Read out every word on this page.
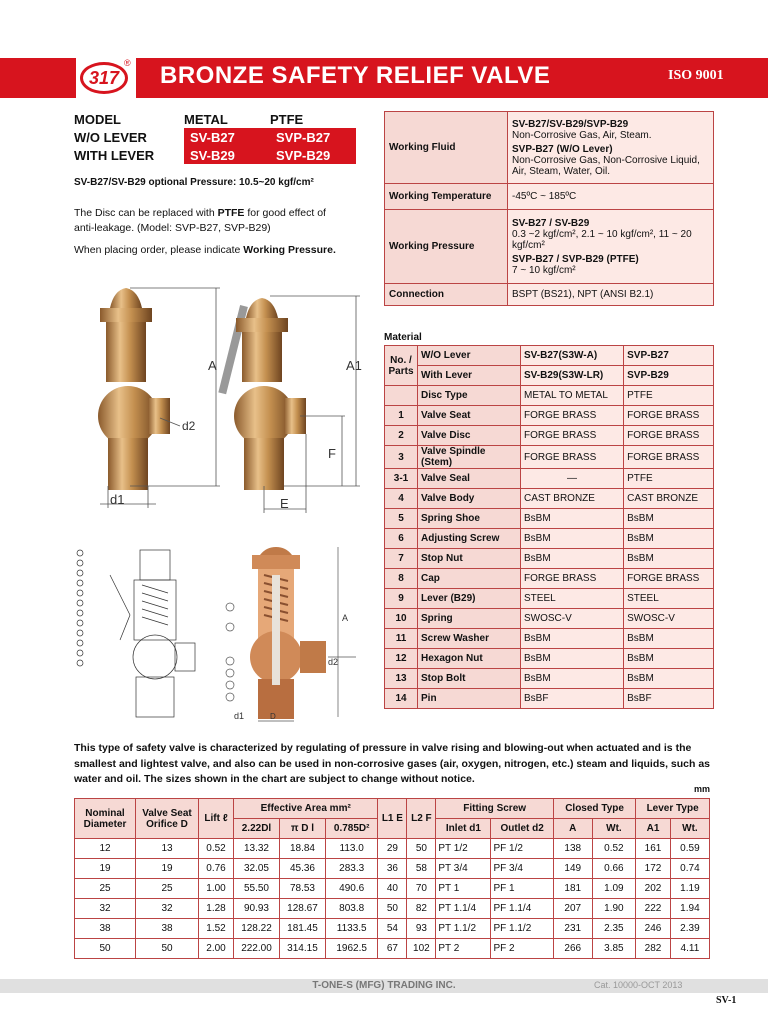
317
® BRONZE SAFETY RELIEF VALVE	ISO 9001
MODEL	METAL	PTFE
W/O LEVER	SV-B27	SVP-B27
WITH LEVER	SV-B29	SVP-B29
SV-B27/SV-B29 optional Pressure: 10.5~20 kgf/cm²
The Disc can be replaced with PTFE for good effect of
anti-leakage. (Model: SVP-B27, SVP-B29)
When placing order, please indicate Working Pressure.
A	A1
d2
F
d1	E
A
d2
d1	D
Working Fluid	SV-B27/SV-B29/SVP-B29
Non-Corrosive Gas, Air, Steam.
SVP-B27 (W/O Lever)
Non-Corrosive Gas, Non-Corrosive Liquid, Air, Steam, Water, Oil.
Working Temperature	-45ºC ~ 185ºC
Working Pressure	SV-B27 / SV-B29
0.3 ~2 kgf/cm², 2.1 ~ 10 kgf/cm², 11 ~ 20 kgf/cm²
SVP-B27 / SVP-B29 (PTFE)
7 ~ 10 kgf/cm²
Connection	BSPT (BS21), NPT (ANSI B2.1)
Material
No. / Parts	W/O Lever	SV-B27(S3W-A)	SVP-B27
	With Lever	SV-B29(S3W-LR)	SVP-B29
	Disc Type	METAL TO METAL	PTFE
1	Valve Seat	FORGE BRASS	FORGE BRASS
2	Valve Disc	FORGE BRASS	FORGE BRASS
3	Valve Spindle (Stem)	FORGE BRASS	FORGE BRASS
3-1	Valve Seal	—	PTFE
4	Valve Body	CAST BRONZE	CAST BRONZE
5	Spring Shoe	BsBM	BsBM
6	Adjusting Screw	BsBM	BsBM
7	Stop Nut	BsBM	BsBM
8	Cap	FORGE BRASS	FORGE BRASS
9	Lever (B29)	STEEL	STEEL
10	Spring	SWOSC-V	SWOSC-V
11	Screw Washer	BsBM	BsBM
12	Hexagon Nut	BsBM	BsBM
13	Stop Bolt	BsBM	BsBM
14	Pin	BsBF	BsBF
This type of safety valve is characterized by regulating of pressure in valve rising and blowing-out when actuated and is the smallest and lightest valve, and also can be used in non-corrosive gases (air, oxygen, nitrogen, etc.) steam and liquids, such as water and oil. The sizes shown in the chart are subject to change without notice.
mm
Nominal Diameter	Valve Seat Orifice D	Lift ℓ	Effective Area mm²			L1 E	L2 F	Fitting Screw		Closed Type		Lever Type	
			2.22Dl	π D l	0.785D²			Inlet d1	Outlet d2	A	Wt.	A1	Wt.
12	13	0.52	13.32	18.84	113.0	29	50	PT 1/2	PF 1/2	138	0.52	161	0.59
19	19	0.76	32.05	45.36	283.3	36	58	PT 3/4	PF 3/4	149	0.66	172	0.74
25	25	1.00	55.50	78.53	490.6	40	70	PT 1	PF 1	181	1.09	202	1.19
32	32	1.28	90.93	128.67	803.8	50	82	PT 1.1/4	PF 1.1/4	207	1.90	222	1.94
38	38	1.52	128.22	181.45	1133.5	54	93	PT 1.1/2	PF 1.1/2	231	2.35	246	2.39
50	50	2.00	222.00	314.15	1962.5	67	102	PT 2	PF 2	266	3.85	282	4.11
T-ONE-S (MFG) TRADING INC.	Cat. 10000-OCT 2013
SV-1
